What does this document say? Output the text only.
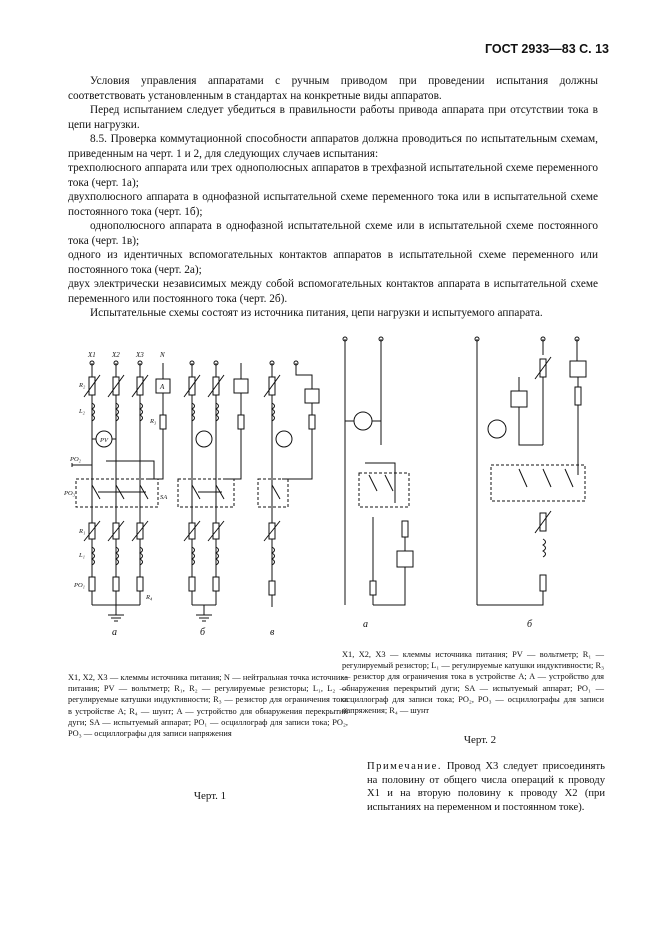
ГОСТ 2933—83 С. 13

Условия управления аппаратами с ручным приводом при проведении испытания должны соответствовать установленным в стандартах на конкретные виды аппаратов.

Перед испытанием следует убедиться в правильности работы привода аппарата при отсутствии тока в цепи нагрузки.

8.5. Проверка коммутационной способности аппаратов должна проводиться по испытательным схемам, приведенным на черт. 1 и 2, для следующих случаев испытания:

трехполюсного аппарата или трех однополюсных аппаратов в трехфазной испытательной схеме переменного тока (черт. 1а);

двухполюсного аппарата в однофазной испытательной схеме переменного тока или в испытательной схеме постоянного тока (черт. 1б);

однополюсного аппарата в однофазной испытательной схеме или в испытательной схеме постоянного тока (черт. 1в);

одного из идентичных вспомогательных контактов аппаратов в испытательной схеме переменного или постоянного тока (черт. 2а);

двух электрически независимых между собой вспомогательных контактов аппарата в испытательной схеме переменного или постоянного тока (черт. 2б).

Испытательные схемы состоят из источника питания, цепи нагрузки и испытуемого аппарата.

X1 X2 X3 N
A
R₂
L₂
PV
R₃
PO₂
PO₃
SA
R₁
L₁
PO₁
R₄
а	б	в
а	б
X1, X2, X3 — клеммы источника питания; N — нейтральная точка источника питания; PV — вольтметр; R₁, R₂ — регулируемые резисторы; L₁, L₂ — регулируемые катушки индуктивности; R₃ — резистор для ограничения тока в устройстве A; R₄ — шунт; A — устройство для обнаружения перекрытий дуги; SA — испытуемый аппарат; PO₁ — осциллограф для записи тока; PO₂, PO₃ — осциллографы для записи напряжения
Черт. 1
X1, X2, X3 — клеммы источника питания; PV — вольтметр; R₁ — регулируемый резистор; L₁ — регулируемые катушки индуктивности; R₃ — резистор для ограничения тока в устройстве A; A — устройство для обнаружения перекрытий дуги; SA — испытуемый аппарат; PO₁ — осциллограф для записи тока; PO₂, PO₃ — осциллографы для записи напряжения; R₄ — шунт
Черт. 2
Примечание. Провод X3 следует присоединять на половину от общего числа операций к проводу X1 и на вторую половину к проводу X2 (при испытаниях на переменном и постоянном токе).
